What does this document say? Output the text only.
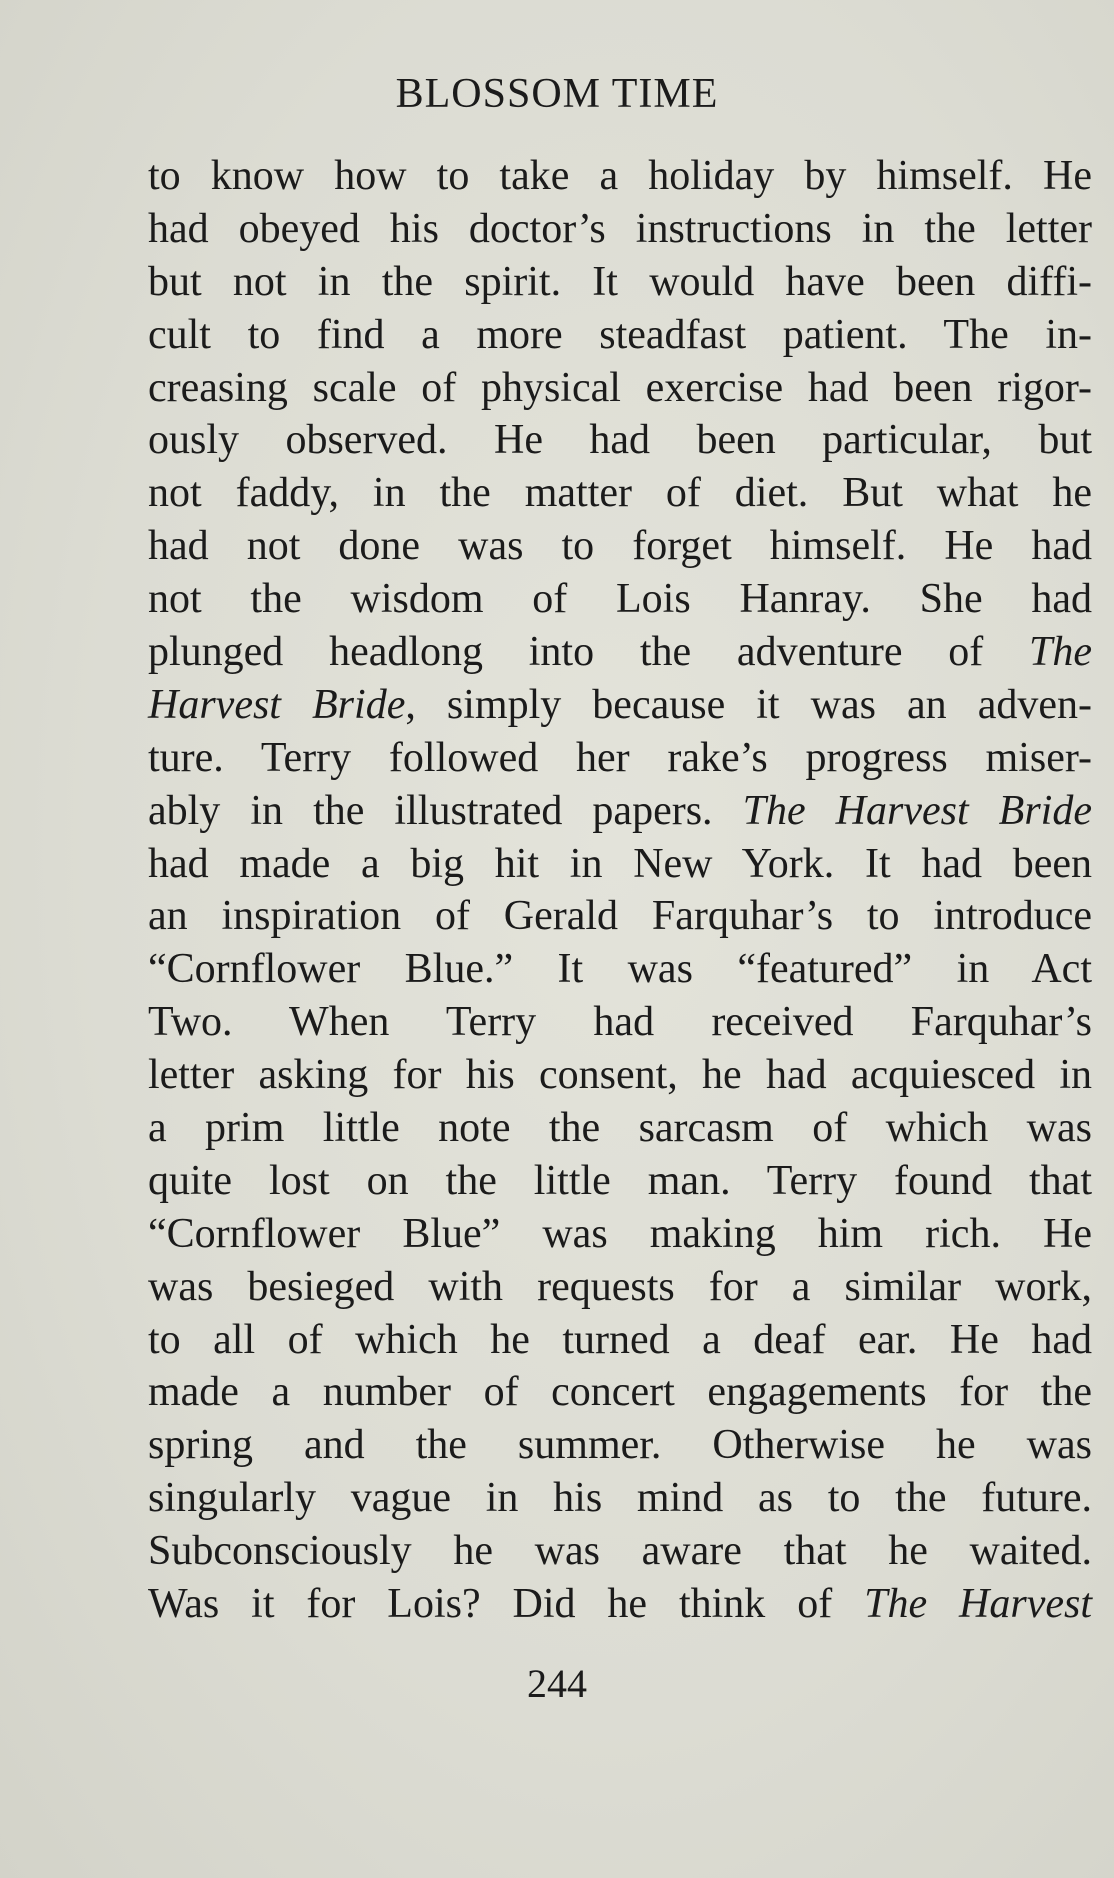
BLOSSOM TIME
to know how to take a holiday by himself. He
had obeyed his doctor’s instructions in the letter
but not in the spirit. It would have been diffi-
cult to find a more steadfast patient. The in-
creasing scale of physical exercise had been rigor-
ously observed. He had been particular, but
not faddy, in the matter of diet. But what he
had not done was to forget himself. He had
not the wisdom of Lois Hanray. She had
plunged headlong into the adventure of The
Harvest Bride, simply because it was an adven-
ture. Terry followed her rake’s progress miser-
ably in the illustrated papers. The Harvest Bride
had made a big hit in New York. It had been
an inspiration of Gerald Farquhar’s to introduce
“Cornflower Blue.” It was “featured” in Act
Two. When Terry had received Farquhar’s
letter asking for his consent, he had acquiesced in
a prim little note the sarcasm of which was
quite lost on the little man. Terry found that
“Cornflower Blue” was making him rich. He
was besieged with requests for a similar work,
to all of which he turned a deaf ear. He had
made a number of concert engagements for the
spring and the summer. Otherwise he was
singularly vague in his mind as to the future.
Subconsciously he was aware that he waited.
Was it for Lois? Did he think of The Harvest
244
